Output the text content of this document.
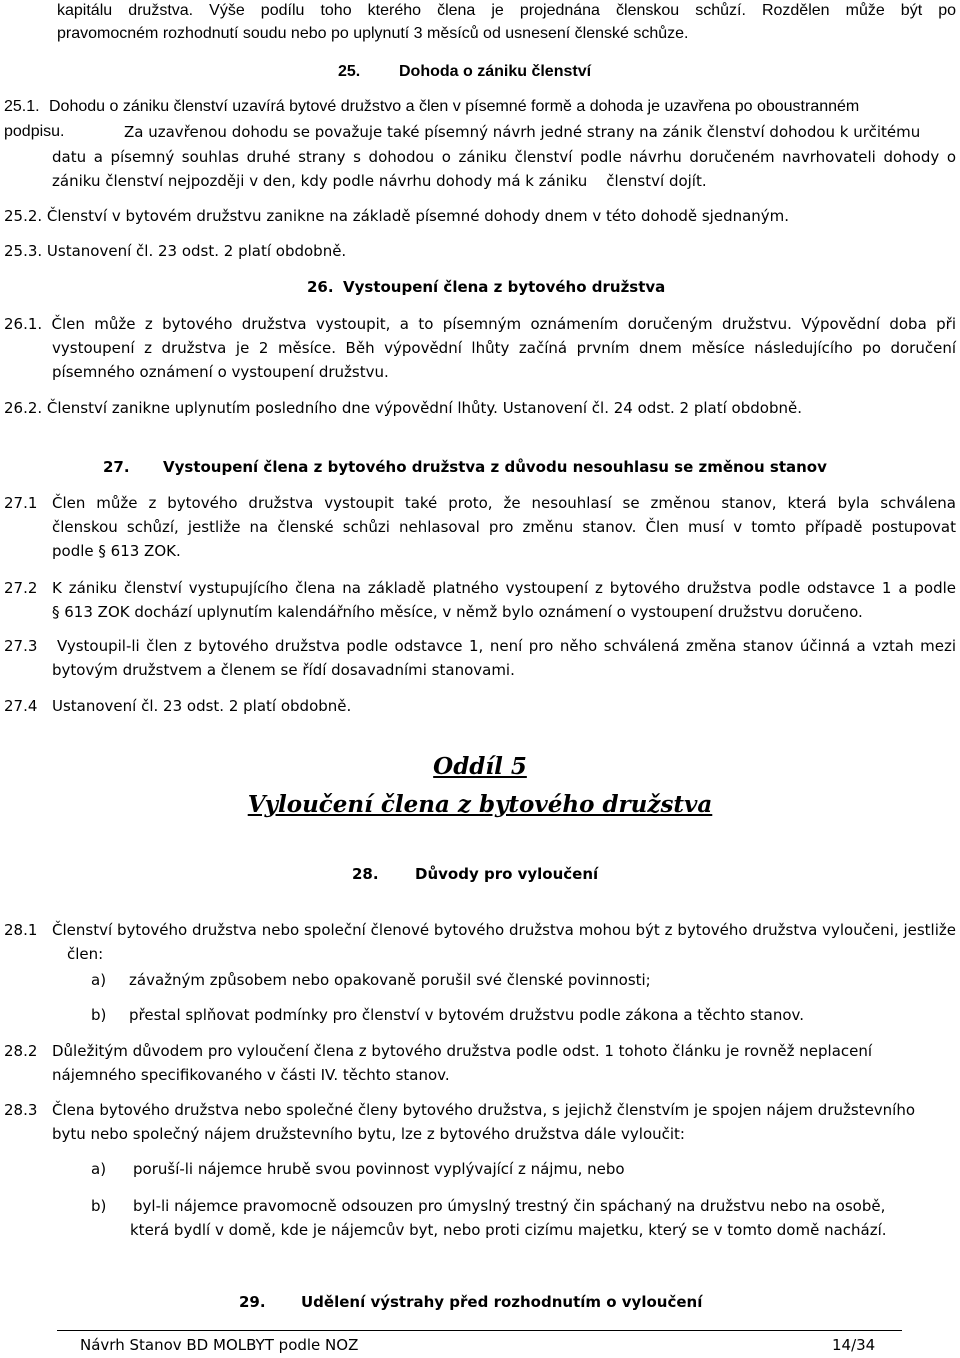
kapitálu družstva. Výše podílu toho kterého člena je projednána členskou schůzí. Rozdělen může být po
pravomocném rozhodnutí soudu nebo po uplynutí 3 měsíců od usnesení členské schůze.
25. Dohoda o zániku členství
25.1. Dohodu o zániku členství uzavírá bytové družstvo a člen v písemné formě a dohoda je uzavřena po oboustranném
podpisu.	Za uzavřenou dohodu se považuje také písemný návrh jedné strany na zánik členství dohodou k určitému
datu a písemný souhlas druhé strany s dohodou o zániku členství podle návrhu doručeném navrhovateli dohody o
zániku členství nejpozději v den, kdy podle návrhu dohody má k zániku    členství dojít.
25.2. Členství v bytovém družstvu zanikne na základě písemné dohody dnem v této dohodě sjednaným.
25.3. Ustanovení čl. 23 odst. 2 platí obdobně.
26. Vystoupení člena z bytového družstva
26.1. Člen může z bytového družstva vystoupit, a to písemným oznámením doručeným družstvu. Výpovědní doba při
vystoupení z družstva je 2 měsíce. Běh výpovědní lhůty začíná prvním dnem měsíce následujícího po doručení
písemného oznámení o vystoupení družstvu.
26.2. Členství zanikne uplynutím posledního dne výpovědní lhůty. Ustanovení čl. 24 odst. 2 platí obdobně.
27. Vystoupení člena z bytového družstva z důvodu nesouhlasu se změnou stanov
27.1 Člen může z bytového družstva vystoupit také proto, že nesouhlasí se změnou stanov, která byla schválena
členskou schůzí, jestliže na členské schůzi nehlasoval pro změnu stanov. Člen musí v tomto případě postupovat
podle § 613 ZOK.
27.2 K zániku členství vystupujícího člena na základě platného vystoupení z bytového družstva podle odstavce 1 a podle
§ 613 ZOK dochází uplynutím kalendářního měsíce, v němž bylo oznámení o vystoupení družstvu doručeno.
27.3 Vystoupil-li člen z bytového družstva podle odstavce 1, není pro něho schválená změna stanov účinná a vztah mezi
bytovým družstvem a členem se řídí dosavadními stanovami.
27.4 Ustanovení čl. 23 odst. 2 platí obdobně.
Oddíl 5
Vyloučení člena z bytového družstva
28. Důvody pro vyloučení
28.1 Členství bytového družstva nebo společní členové bytového družstva mohou být z bytového družstva vyloučeni, jestliže
člen:
a) závažným způsobem nebo opakovaně porušil své členské povinnosti;
b) přestal splňovat podmínky pro členství v bytovém družstvu podle zákona a těchto stanov.
28.2 Důležitým důvodem pro vyloučení člena z bytového družstva podle odst. 1 tohoto článku je rovněž neplacení
nájemného specifikovaného v části IV. těchto stanov.
28.3 Člena bytového družstva nebo společné členy bytového družstva, s jejichž členstvím je spojen nájem družstevního
bytu nebo společný nájem družstevního bytu, lze z bytového družstva dále vyloučit:
a) poruší-li nájemce hrubě svou povinnost vyplývající z nájmu, nebo
b) byl-li nájemce pravomocně odsouzen pro úmyslný trestný čin spáchaný na družstvu nebo na osobě,
která bydlí v domě, kde je nájemcův byt, nebo proti cizímu majetku, který se v tomto domě nachází.
29. Udělení výstrahy před rozhodnutím o vyloučení
Návrh Stanov BD MOLBYT podle NOZ	14/34
